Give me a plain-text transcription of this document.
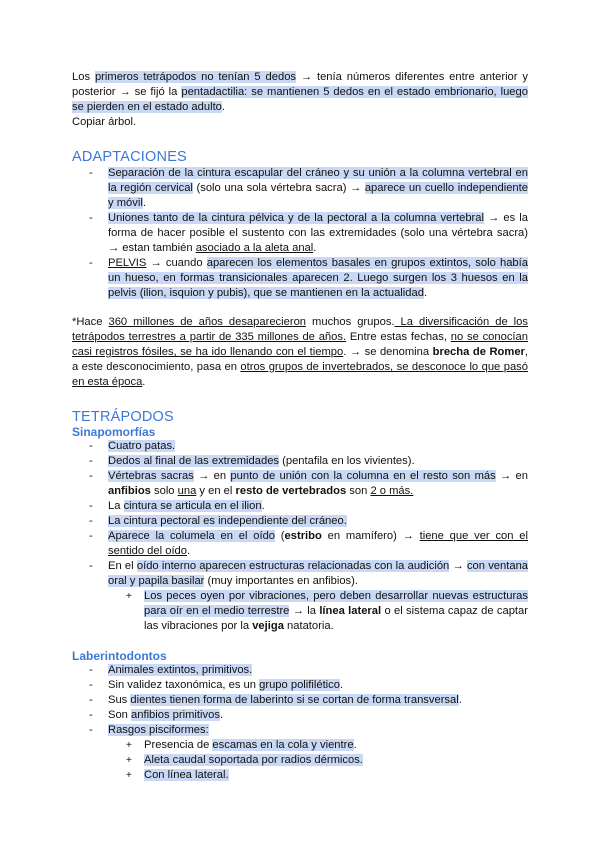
Los primeros tetrápodos no tenían 5 dedos → tenía números diferentes entre anterior y posterior → se fijó la pentadactilia: se mantienen 5 dedos en el estado embrionario, luego se pierden en el estado adulto.

Copiar árbol.

ADAPTACIONES
- Separación de la cintura escapular del cráneo y su unión a la columna vertebral en la región cervical (solo una sola vértebra sacra) → aparece un cuello independiente y móvil.
- Uniones tanto de la cintura pélvica y de la pectoral a la columna vertebral → es la forma de hacer posible el sustento con las extremidades (solo una vértebra sacra) → estan también asociado a la aleta anal.
- PELVIS → cuando aparecen los elementos basales en grupos extintos, solo había un hueso, en formas transicionales aparecen 2. Luego surgen los 3 huesos en la pelvis (ilion, isquion y pubis), que se mantienen en la actualidad.

*Hace 360 millones de años desaparecieron muchos grupos. La diversificación de los tetrápodos terrestres a partir de 335 millones de años. Entre estas fechas, no se conocían casi registros fósiles, se ha ido llenando con el tiempo. → se denomina brecha de Romer, a este desconocimiento, pasa en otros grupos de invertebrados, se desconoce lo que pasó en esta época.

TETRÁPODOS
Sinapomorfías
- Cuatro patas.
- Dedos al final de las extremidades (pentafila en los vivientes).
- Vértebras sacras → en punto de unión con la columna en el resto son más → en anfibios solo una y en el resto de vertebrados son 2 o más.
- La cintura se articula en el ilion.
- La cintura pectoral es independiente del cráneo.
- Aparece la columela en el oído (estribo en mamífero) → tiene que ver con el sentido del oído.
- En el oído interno aparecen estructuras relacionadas con la audición → con ventana oral y papila basilar (muy importantes en anfibios).
+ Los peces oyen por vibraciones, pero deben desarrollar nuevas estructuras para oír en el medio terrestre → la línea lateral o el sistema capaz de captar las vibraciones por la vejiga natatoria.
Laberintodontos
- Animales extintos, primitivos.
- Sin validez taxonómica, es un grupo polifilético.
- Sus dientes tienen forma de laberinto si se cortan de forma transversal.
- Son anfibios primitivos.
- Rasgos pisciformes:
+ Presencia de escamas en la cola y vientre.
+ Aleta caudal soportada por radios dérmicos.
+ Con línea lateral.
